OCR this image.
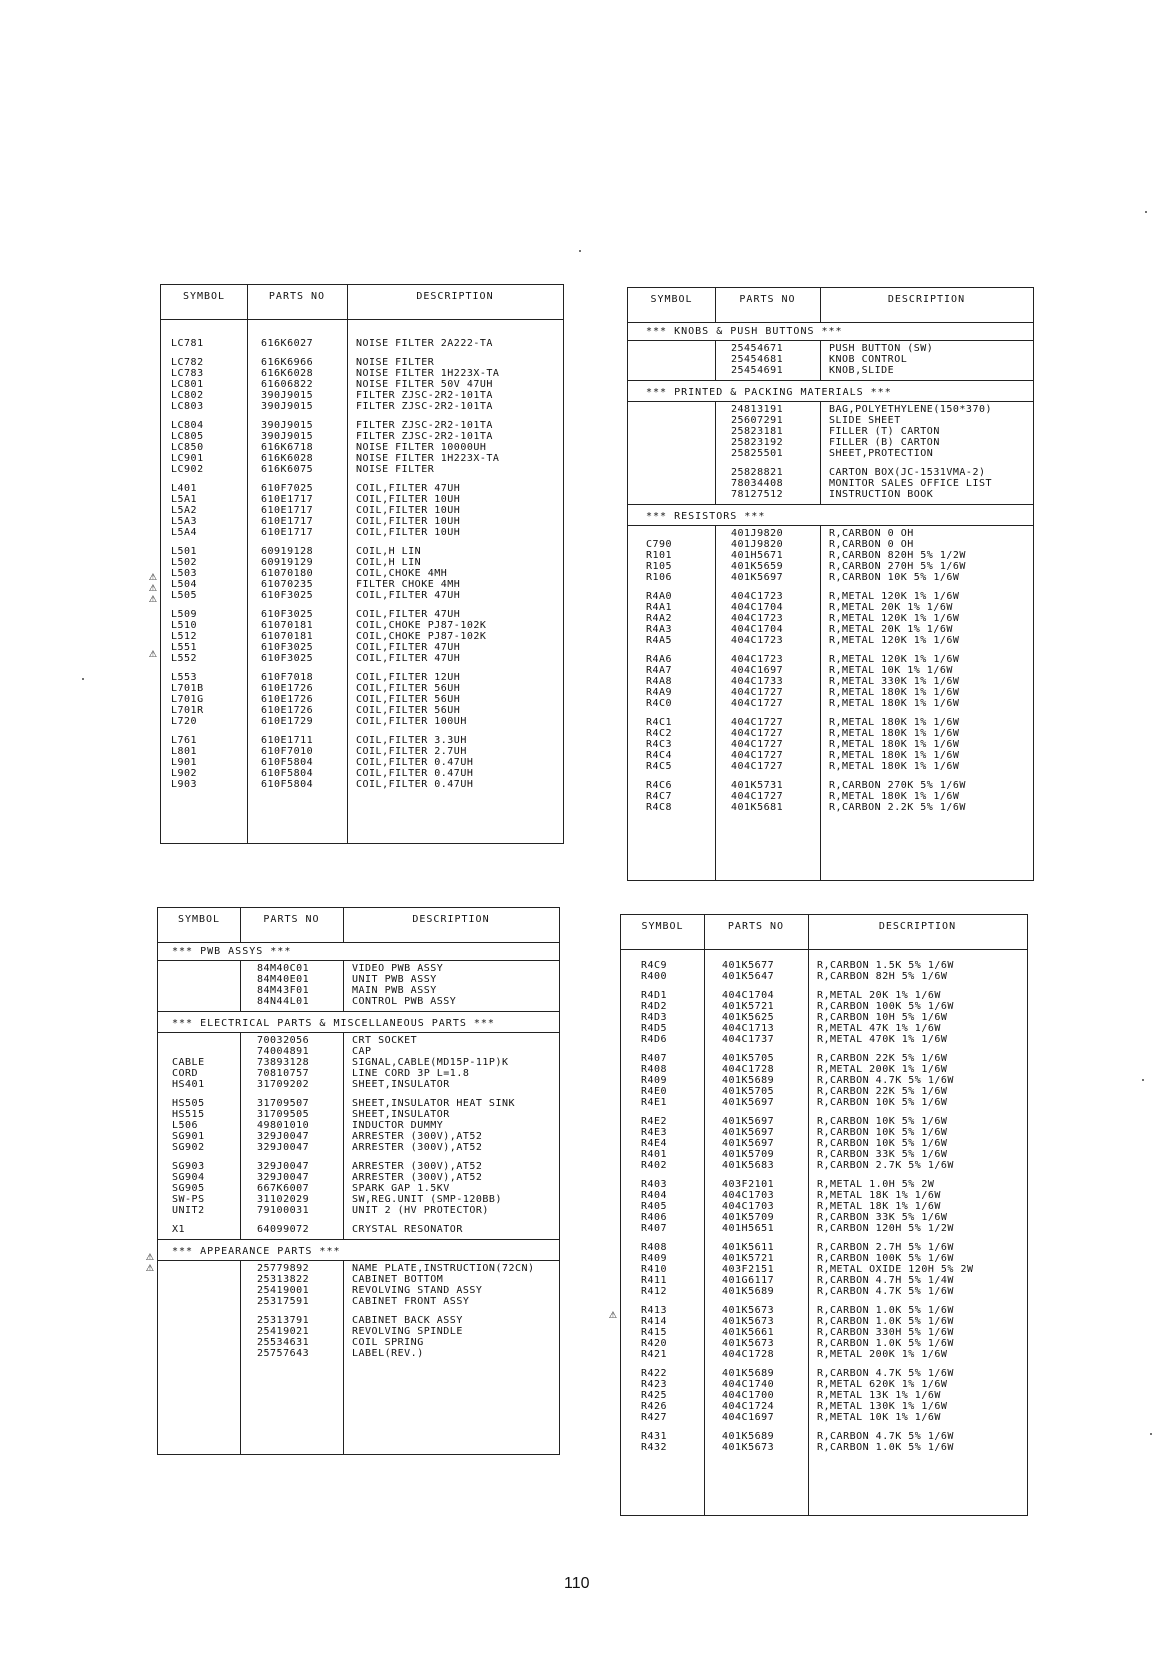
SYMBOL	PARTS NO	DESCRIPTION
LC781	616K6027	NOISE FILTER 2A222-TA
LC782	616K6966	NOISE FILTER
LC783	616K6028	NOISE FILTER 1H223X-TA
LC801	61606822	NOISE FILTER 50V 47UH
LC802	390J9015	FILTER ZJSC-2R2-101TA
LC803	390J9015	FILTER ZJSC-2R2-101TA
LC804	390J9015	FILTER ZJSC-2R2-101TA
LC805	390J9015	FILTER ZJSC-2R2-101TA
LC850	616K6718	NOISE FILTER 10000UH
LC901	616K6028	NOISE FILTER 1H223X-TA
LC902	616K6075	NOISE FILTER
L401	610F7025	COIL,FILTER 47UH
L5A1	610E1717	COIL,FILTER 10UH
L5A2	610E1717	COIL,FILTER 10UH
L5A3	610E1717	COIL,FILTER 10UH
L5A4	610E1717	COIL,FILTER 10UH
L501	60919128	COIL,H LIN
L502	60919129	COIL,H LIN
L503	61070180	COIL,CHOKE 4MH
L504	61070235	FILTER CHOKE 4MH
L505	610F3025	COIL,FILTER 47UH
L509	610F3025	COIL,FILTER 47UH
L510	61070181	COIL,CHOKE PJ87-102K
L512	61070181	COIL,CHOKE PJ87-102K
L551	610F3025	COIL,FILTER 47UH
L552	610F3025	COIL,FILTER 47UH
L553	610F7018	COIL,FILTER 12UH
L701B	610E1726	COIL,FILTER 56UH
L701G	610E1726	COIL,FILTER 56UH
L701R	610E1726	COIL,FILTER 56UH
L720	610E1729	COIL,FILTER 100UH
L761	610E1711	COIL,FILTER 3.3UH
L801	610F7010	COIL,FILTER 2.7UH
L901	610F5804	COIL,FILTER 0.47UH
L902	610F5804	COIL,FILTER 0.47UH
L903	610F5804	COIL,FILTER 0.47UH
⚠
⚠
⚠
⚠
SYMBOL	PARTS NO	DESCRIPTION
*** KNOBS & PUSH BUTTONS ***
25454671	PUSH BUTTON (SW)
25454681	KNOB CONTROL
25454691	KNOB,SLIDE
*** PRINTED & PACKING MATERIALS ***
24813191	BAG,POLYETHYLENE(150*370)
25607291	SLIDE SHEET
25823181	FILLER (T) CARTON
25823192	FILLER (B) CARTON
25825501	SHEET,PROTECTION
25828821	CARTON BOX(JC-1531VMA-2)
78034408	MONITOR SALES OFFICE LIST
78127512	INSTRUCTION BOOK
*** RESISTORS ***
401J9820	R,CARBON 0 OH
C790	401J9820	R,CARBON 0 OH
R101	401H5671	R,CARBON 820H 5% 1/2W
R105	401K5659	R,CARBON 270H 5% 1/6W
R106	401K5697	R,CARBON 10K 5% 1/6W
R4A0	404C1723	R,METAL 120K 1% 1/6W
R4A1	404C1704	R,METAL 20K 1% 1/6W
R4A2	404C1723	R,METAL 120K 1% 1/6W
R4A3	404C1704	R,METAL 20K 1% 1/6W
R4A5	404C1723	R,METAL 120K 1% 1/6W
R4A6	404C1723	R,METAL 120K 1% 1/6W
R4A7	404C1697	R,METAL 10K 1% 1/6W
R4A8	404C1733	R,METAL 330K 1% 1/6W
R4A9	404C1727	R,METAL 180K 1% 1/6W
R4C0	404C1727	R,METAL 180K 1% 1/6W
R4C1	404C1727	R,METAL 180K 1% 1/6W
R4C2	404C1727	R,METAL 180K 1% 1/6W
R4C3	404C1727	R,METAL 180K 1% 1/6W
R4C4	404C1727	R,METAL 180K 1% 1/6W
R4C5	404C1727	R,METAL 180K 1% 1/6W
R4C6	401K5731	R,CARBON 270K 5% 1/6W
R4C7	404C1727	R,METAL 180K 1% 1/6W
R4C8	401K5681	R,CARBON 2.2K 5% 1/6W
SYMBOL	PARTS NO	DESCRIPTION
*** PWB ASSYS ***
84M40C01	VIDEO PWB ASSY
84M40E01	UNIT PWB ASSY
84M43F01	MAIN PWB ASSY
84N44L01	CONTROL PWB ASSY
*** ELECTRICAL PARTS & MISCELLANEOUS PARTS ***
70032056	CRT SOCKET
74004891	CAP
CABLE	73893128	SIGNAL,CABLE(MD15P-11P)K
CORD	70810757	LINE CORD 3P L=1.8
HS401	31709202	SHEET,INSULATOR
HS505	31709507	SHEET,INSULATOR HEAT SINK
HS515	31709505	SHEET,INSULATOR
L506	49801010	INDUCTOR DUMMY
SG901	329J0047	ARRESTER (300V),AT52
SG902	329J0047	ARRESTER (300V),AT52
SG903	329J0047	ARRESTER (300V),AT52
SG904	329J0047	ARRESTER (300V),AT52
SG905	667K6007	SPARK GAP 1.5KV
SW-PS	31102029	SW,REG.UNIT (SMP-120BB)
UNIT2	79100031	UNIT 2 (HV PROTECTOR)
X1	64099072	CRYSTAL RESONATOR
*** APPEARANCE PARTS ***
25779892	NAME PLATE,INSTRUCTION(72CN)
25313822	CABINET BOTTOM
25419001	REVOLVING STAND ASSY
25317591	CABINET FRONT ASSY
25313791	CABINET BACK ASSY
25419021	REVOLVING SPINDLE
25534631	COIL SPRING
25757643	LABEL(REV.)
⚠
⚠
SYMBOL	PARTS NO	DESCRIPTION
R4C9	401K5677	R,CARBON 1.5K 5% 1/6W
R400	401K5647	R,CARBON 82H 5% 1/6W
R4D1	404C1704	R,METAL 20K 1% 1/6W
R4D2	401K5721	R,CARBON 100K 5% 1/6W
R4D3	401K5625	R,CARBON 10H 5% 1/6W
R4D5	404C1713	R,METAL 47K 1% 1/6W
R4D6	404C1737	R,METAL 470K 1% 1/6W
R407	401K5705	R,CARBON 22K 5% 1/6W
R408	404C1728	R,METAL 200K 1% 1/6W
R409	401K5689	R,CARBON 4.7K 5% 1/6W
R4E0	401K5705	R,CARBON 22K 5% 1/6W
R4E1	401K5697	R,CARBON 10K 5% 1/6W
R4E2	401K5697	R,CARBON 10K 5% 1/6W
R4E3	401K5697	R,CARBON 10K 5% 1/6W
R4E4	401K5697	R,CARBON 10K 5% 1/6W
R401	401K5709	R,CARBON 33K 5% 1/6W
R402	401K5683	R,CARBON 2.7K 5% 1/6W
R403	403F2101	R,METAL 1.0H 5% 2W
R404	404C1703	R,METAL 18K 1% 1/6W
R405	404C1703	R,METAL 18K 1% 1/6W
R406	401K5709	R,CARBON 33K 5% 1/6W
R407	401H5651	R,CARBON 120H 5% 1/2W
R408	401K5611	R,CARBON 2.7H 5% 1/6W
R409	401K5721	R,CARBON 100K 5% 1/6W
R410	403F2151	R,METAL OXIDE 120H 5% 2W
R411	401G6117	R,CARBON 4.7H 5% 1/4W
R412	401K5689	R,CARBON 4.7K 5% 1/6W
R413	401K5673	R,CARBON 1.0K 5% 1/6W
R414	401K5673	R,CARBON 1.0K 5% 1/6W
R415	401K5661	R,CARBON 330H 5% 1/6W
R420	401K5673	R,CARBON 1.0K 5% 1/6W
R421	404C1728	R,METAL 200K 1% 1/6W
R422	401K5689	R,CARBON 4.7K 5% 1/6W
R423	404C1740	R,METAL 620K 1% 1/6W
R425	404C1700	R,METAL 13K 1% 1/6W
R426	404C1724	R,METAL 130K 1% 1/6W
R427	404C1697	R,METAL 10K 1% 1/6W
R431	401K5689	R,CARBON 4.7K 5% 1/6W
R432	401K5673	R,CARBON 1.0K 5% 1/6W
⚠
110
